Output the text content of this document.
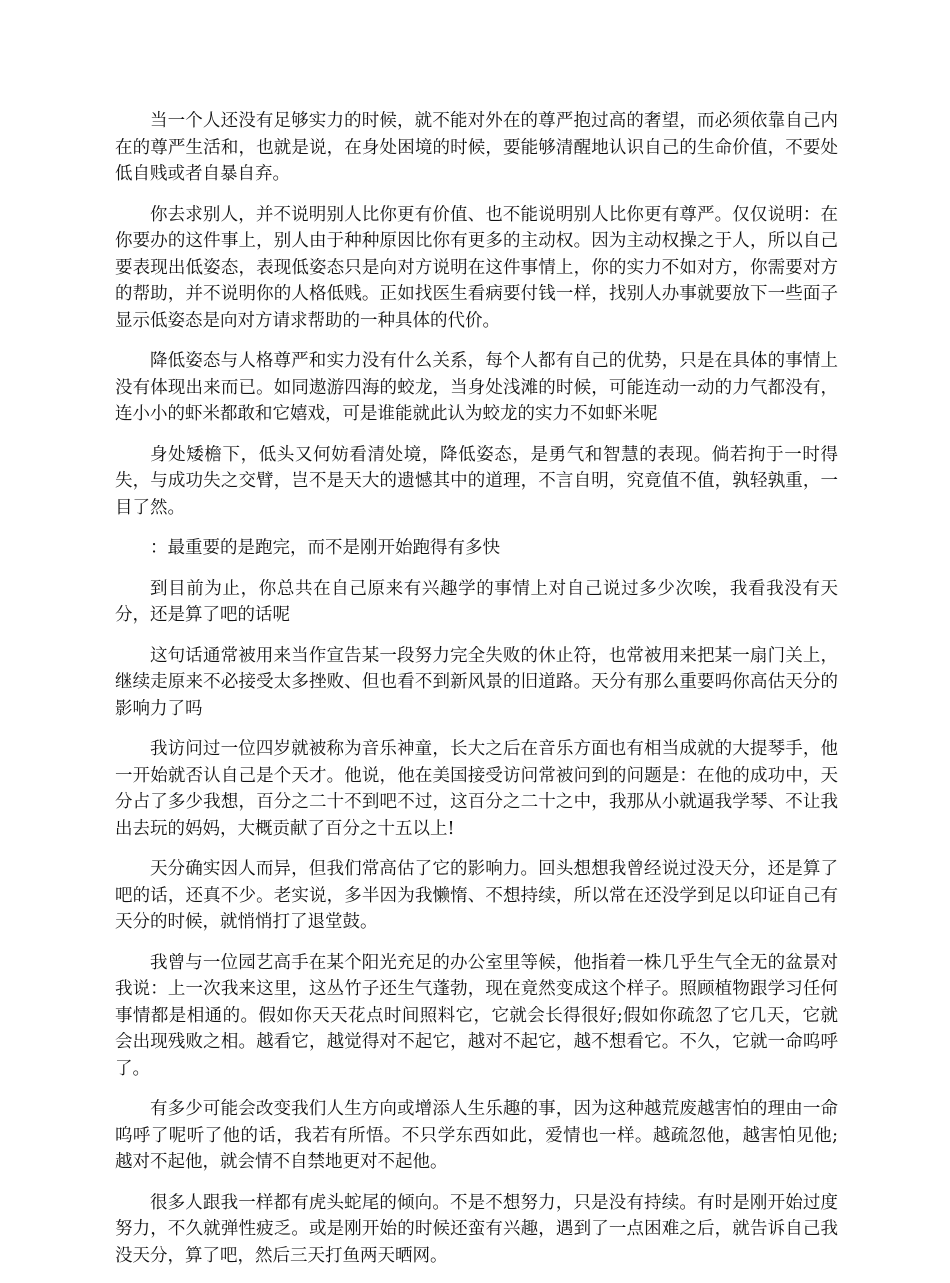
当一个人还没有足够实力的时候，就不能对外在的尊严抱过高的奢望，而必须依靠自己内在的尊严生活和，也就是说，在身处困境的时候，要能够清醒地认识自己的生命价值，不要处低自贱或者自暴自弃。

你去求别人，并不说明别人比你更有价值、也不能说明别人比你更有尊严。仅仅说明：在你要办的这件事上，别人由于种种原因比你有更多的主动权。因为主动权操之于人，所以自己要表现出低姿态，表现低姿态只是向对方说明在这件事情上，你的实力不如对方，你需要对方的帮助，并不说明你的人格低贱。正如找医生看病要付钱一样，找别人办事就要放下一些面子显示低姿态是向对方请求帮助的一种具体的代价。

降低姿态与人格尊严和实力没有什么关系，每个人都有自己的优势，只是在具体的事情上没有体现出来而已。如同遨游四海的蛟龙，当身处浅滩的时候，可能连动一动的力气都没有，连小小的虾米都敢和它嬉戏，可是谁能就此认为蛟龙的实力不如虾米呢

身处矮檐下，低头又何妨看清处境，降低姿态，是勇气和智慧的表现。倘若拘于一时得失，与成功失之交臂，岂不是天大的遗憾其中的道理，不言自明，究竟值不值，孰轻孰重，一目了然。

：最重要的是跑完，而不是刚开始跑得有多快

到目前为止，你总共在自己原来有兴趣学的事情上对自己说过多少次唉，我看我没有天分，还是算了吧的话呢

这句话通常被用来当作宣告某一段努力完全失败的休止符，也常被用来把某一扇门关上，继续走原来不必接受太多挫败、但也看不到新风景的旧道路。天分有那么重要吗你高估天分的影响力了吗

我访问过一位四岁就被称为音乐神童，长大之后在音乐方面也有相当成就的大提琴手，他一开始就否认自己是个天才。他说，他在美国接受访问常被问到的问题是：在他的成功中，天分占了多少我想，百分之二十不到吧不过，这百分之二十之中，我那从小就逼我学琴、不让我出去玩的妈妈，大概贡献了百分之十五以上!

天分确实因人而异，但我们常高估了它的影响力。回头想想我曾经说过没天分，还是算了吧的话，还真不少。老实说，多半因为我懒惰、不想持续，所以常在还没学到足以印证自己有天分的时候，就悄悄打了退堂鼓。

我曾与一位园艺高手在某个阳光充足的办公室里等候，他指着一株几乎生气全无的盆景对我说：上一次我来这里，这丛竹子还生气蓬勃，现在竟然变成这个样子。照顾植物跟学习任何事情都是相通的。假如你天天花点时间照料它，它就会长得很好;假如你疏忽了它几天，它就会出现残败之相。越看它，越觉得对不起它，越对不起它，越不想看它。不久，它就一命呜呼了。

有多少可能会改变我们人生方向或增添人生乐趣的事，因为这种越荒废越害怕的理由一命呜呼了呢听了他的话，我若有所悟。不只学东西如此，爱情也一样。越疏忽他，越害怕见他;越对不起他，就会情不自禁地更对不起他。

很多人跟我一样都有虎头蛇尾的倾向。不是不想努力，只是没有持续。有时是刚开始过度努力，不久就弹性疲乏。或是刚开始的时候还蛮有兴趣，遇到了一点困难之后，就告诉自己我没天分，算了吧，然后三天打鱼两天晒网。
